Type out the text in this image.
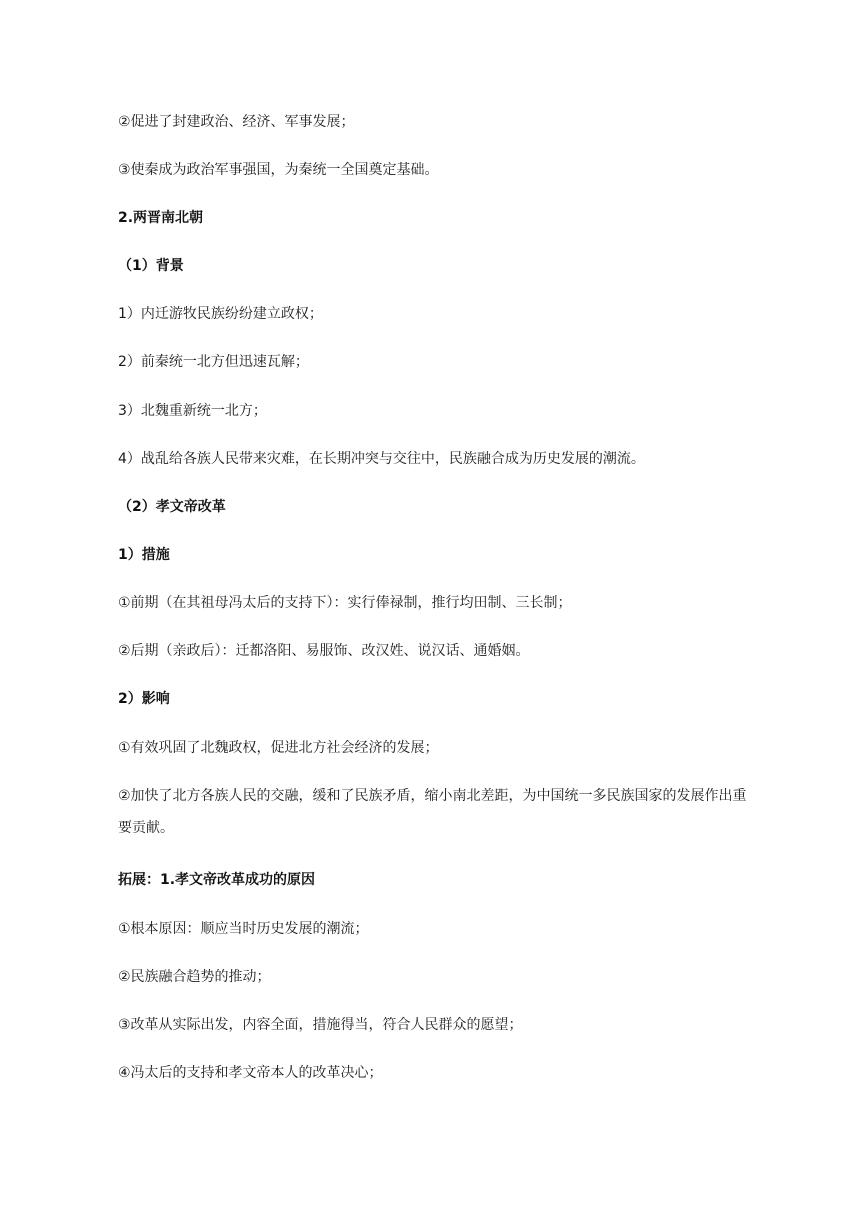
②促进了封建政治、经济、军事发展；
③使秦成为政治军事强国，为秦统一全国奠定基础。
2.两晋南北朝
（1）背景
1）内迁游牧民族纷纷建立政权；
2）前秦统一北方但迅速瓦解；
3）北魏重新统一北方；
4）战乱给各族人民带来灾难，在长期冲突与交往中，民族融合成为历史发展的潮流。
（2）孝文帝改革
1）措施
①前期（在其祖母冯太后的支持下）：实行俸禄制，推行均田制、三长制；
②后期（亲政后）：迁都洛阳、易服饰、改汉姓、说汉话、通婚姻。
2）影响
①有效巩固了北魏政权，促进北方社会经济的发展；
②加快了北方各族人民的交融，缓和了民族矛盾，缩小南北差距，为中国统一多民族国家的发展作出重要贡献。
拓展：1.孝文帝改革成功的原因
①根本原因：顺应当时历史发展的潮流；
②民族融合趋势的推动；
③改革从实际出发，内容全面，措施得当，符合人民群众的愿望；
④冯太后的支持和孝文帝本人的改革决心；
